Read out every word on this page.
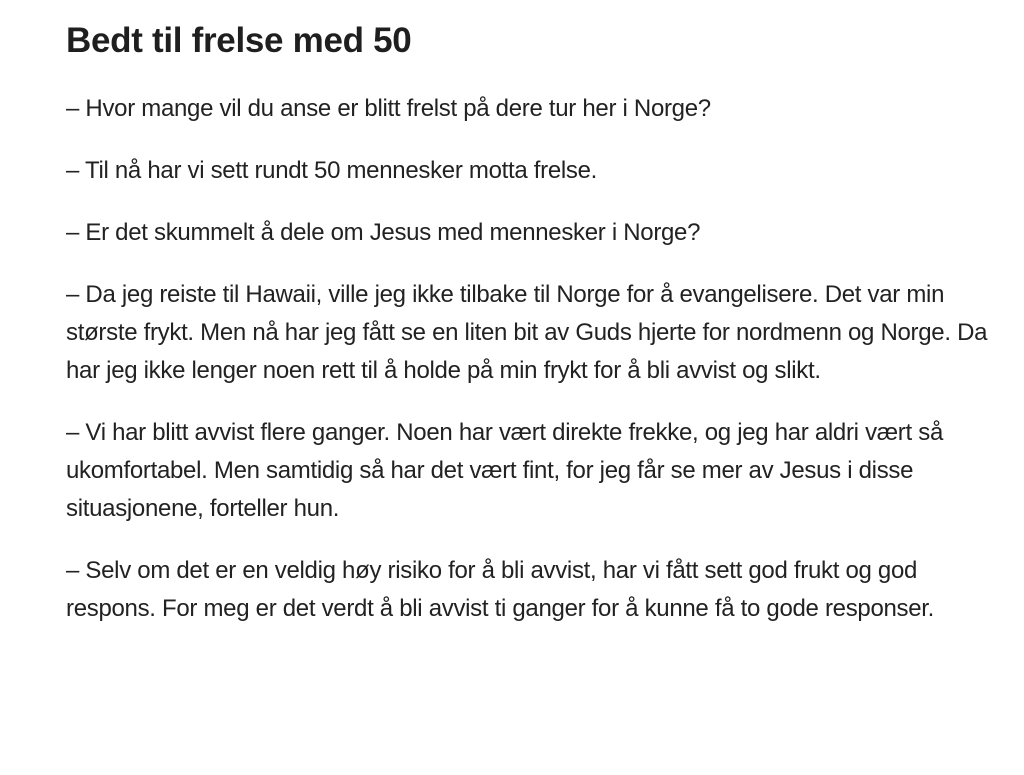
Bedt til frelse med 50

– Hvor mange vil du anse er blitt frelst på dere tur her i Norge?

– Til nå har vi sett rundt 50 mennesker motta frelse.

– Er det skummelt å dele om Jesus med mennesker i Norge?

– Da jeg reiste til Hawaii, ville jeg ikke tilbake til Norge for å evangelisere. Det var min største frykt. Men nå har jeg fått se en liten bit av Guds hjerte for nordmenn og Norge. Da har jeg ikke lenger noen rett til å holde på min frykt for å bli avvist og slikt.

– Vi har blitt avvist flere ganger. Noen har vært direkte frekke, og jeg har aldri vært så ukomfortabel. Men samtidig så har det vært fint, for jeg får se mer av Jesus i disse situasjonene, forteller hun.

– Selv om det er en veldig høy risiko for å bli avvist, har vi fått sett god frukt og god respons. For meg er det verdt å bli avvist ti ganger for å kunne få to gode responser.
